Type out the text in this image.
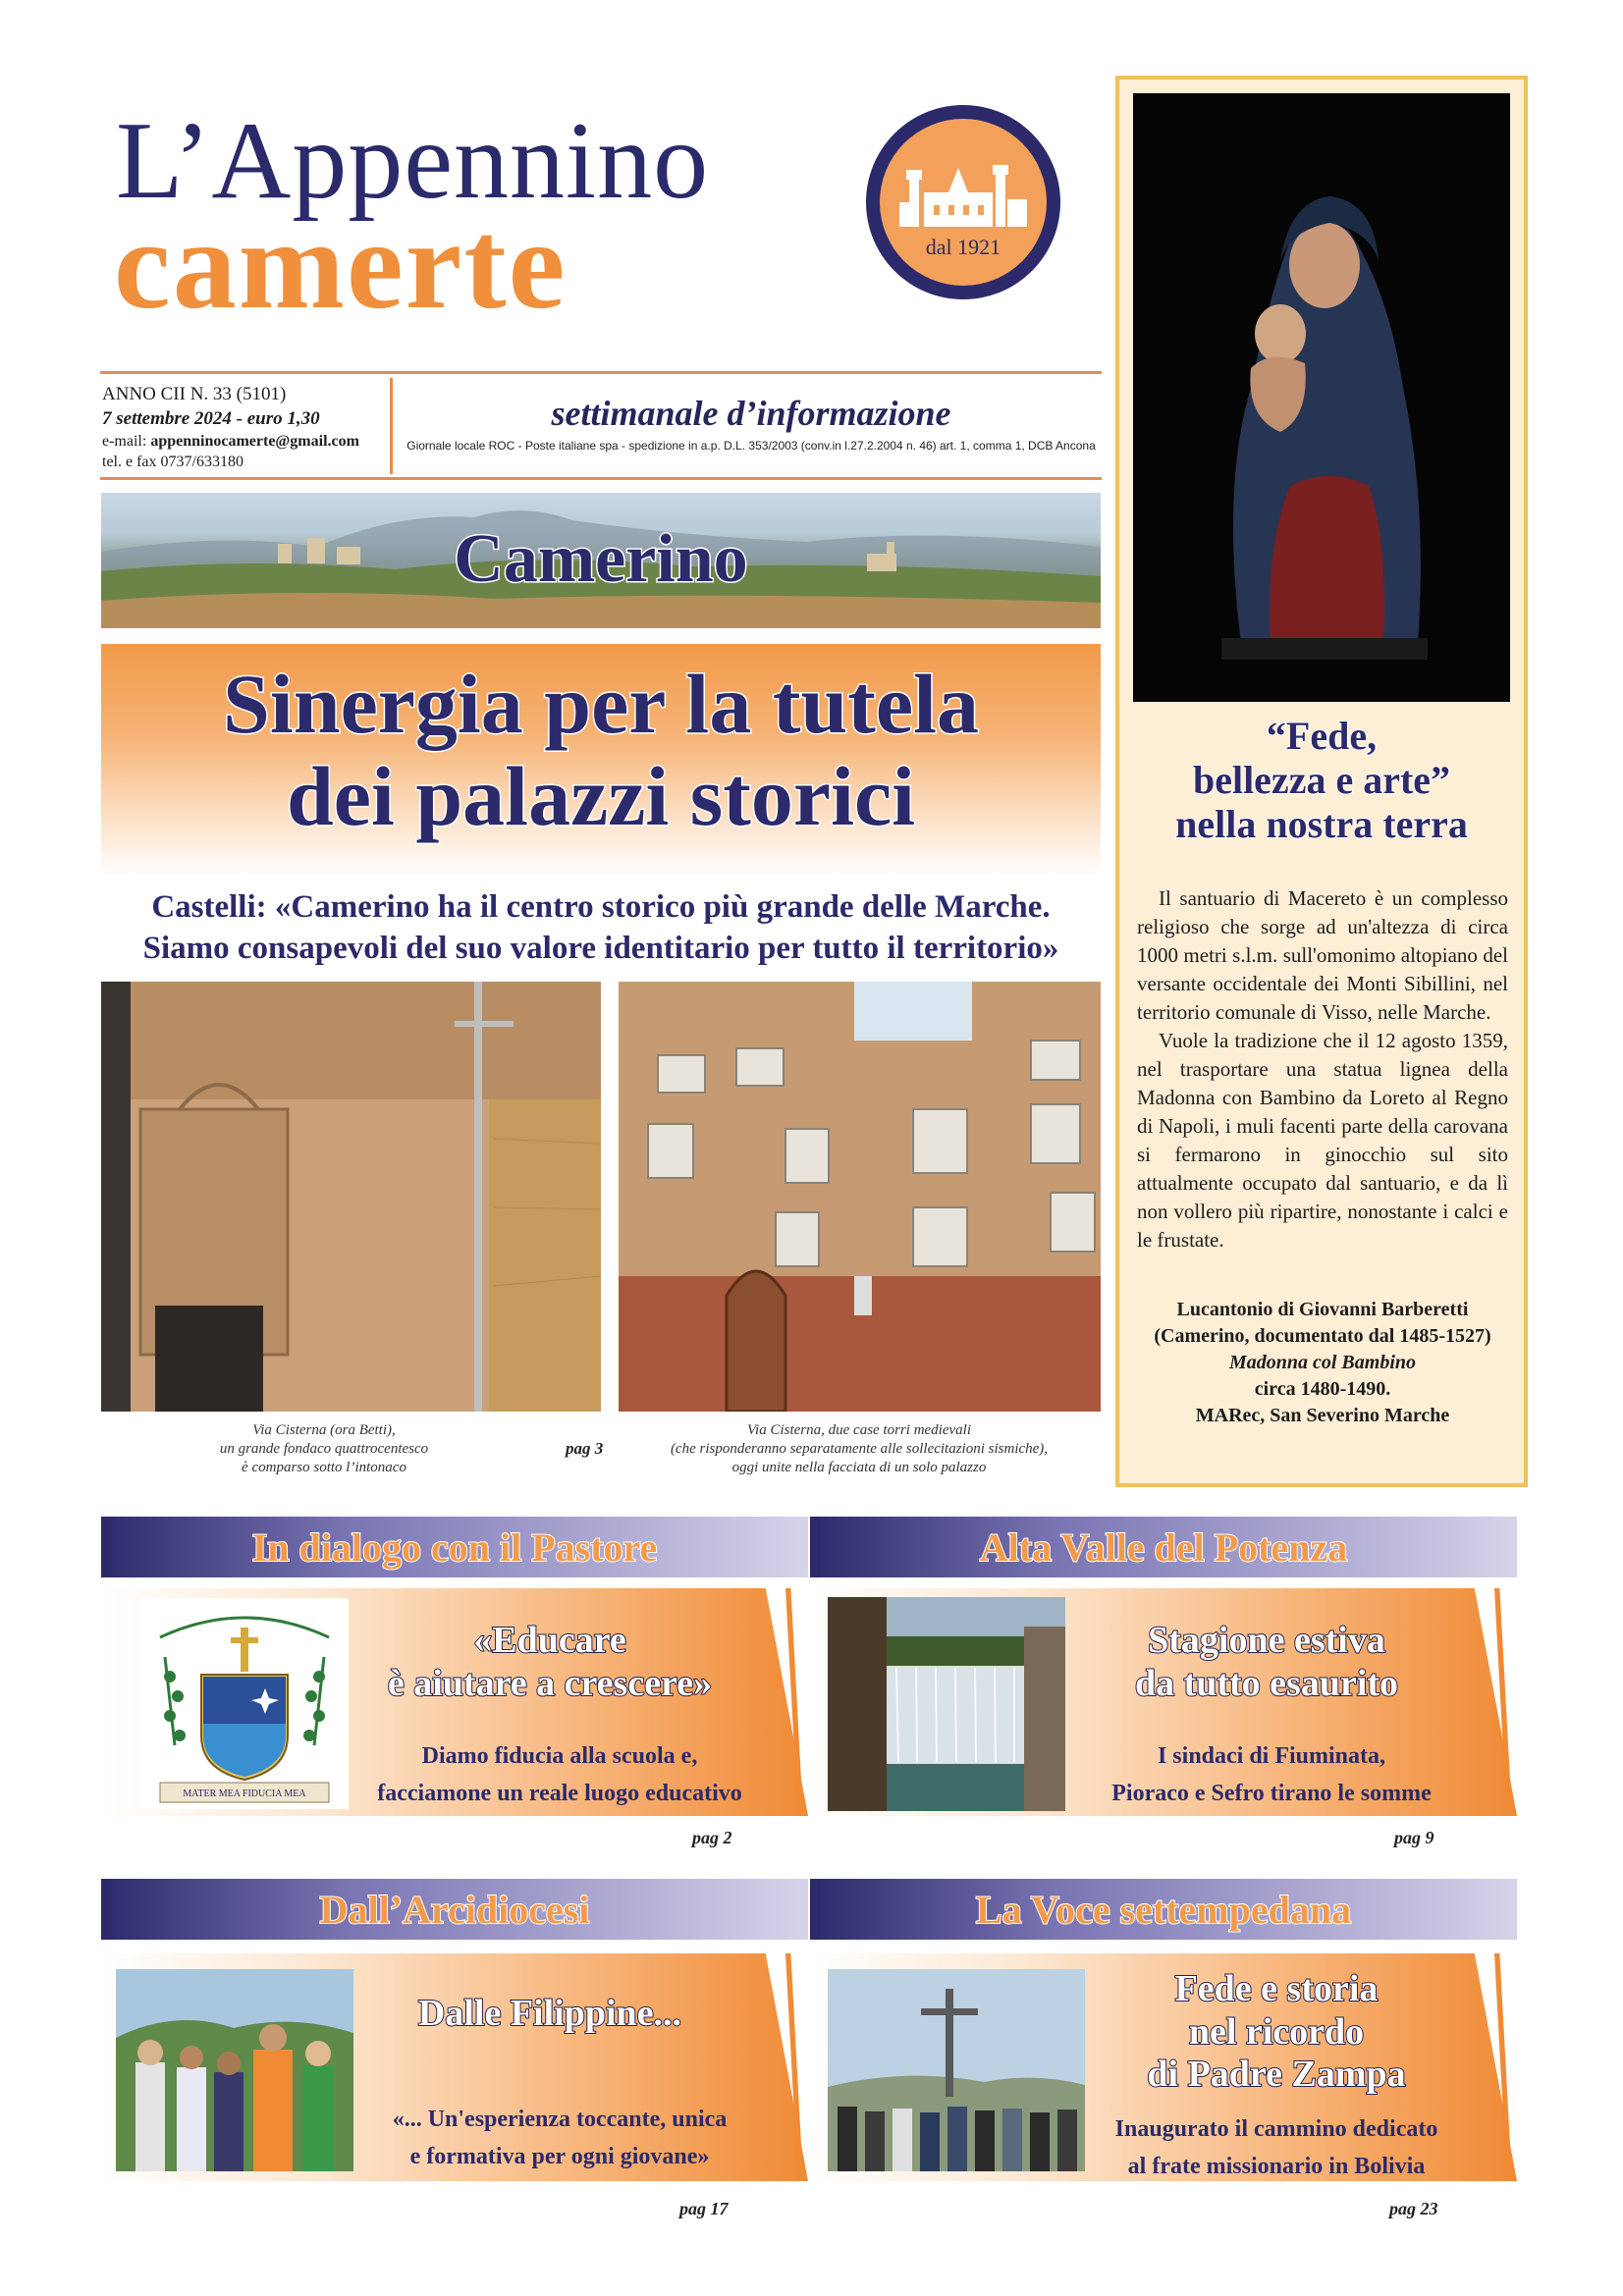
L’Appennino
camerte	dal 1921
ANNO CII N. 33 (5101)
7 settembre 2024 - euro 1,30
e-mail: appenninocamerte@gmail.com
tel. e fax 0737/633180
settimanale d’informazione
Giornale locale ROC - Poste italiane spa - spedizione in a.p. D.L. 353/2003 (conv.in l.27.2.2004 n. 46) art. 1, comma 1, DCB Ancona
Camerino
Sinergia per la tutela
dei palazzi storici
Castelli: «Camerino ha il centro storico più grande delle Marche.
Siamo consapevoli del suo valore identitario per tutto il territorio»
Via Cisterna (ora Betti),
un grande fondaco quattrocentesco
è comparso sotto l’intonaco
pag 3
Via Cisterna, due case torri medievali
(che risponderanno separatamente alle sollecitazioni sismiche),
oggi unite nella facciata di un solo palazzo
“Fede,
bellezza e arte”
nella nostra terra

Il santuario di Macereto è un complesso religioso che sorge ad un'altezza di circa 1000 metri s.l.m. sull'omonimo altopiano del versante occidentale dei Monti Sibillini, nel territorio comunale di Visso, nelle Marche.

Vuole la tradizione che il 12 agosto 1359, nel trasportare una statua lignea della Madonna con Bambino da Loreto al Regno di Napoli, i muli facenti parte della carovana si fermarono in ginocchio sul sito attualmente occupato dal santuario, e da lì non vollero più ripartire, nonostante i calci e le frustate.

Lucantonio di Giovanni Barberetti
(Camerino, documentato dal 1485-1527)
Madonna col Bambino
circa 1480-1490.
MARec, San Severino Marche
In dialogo con il Pastore
MATER MEA FIDUCIA MEA
«Educare
è aiutare a crescere»
Diamo fiducia alla scuola e,
facciamone un reale luogo educativo
pag 2
Alta Valle del Potenza
Stagione estiva
da tutto esaurito
I sindaci di Fiuminata,
Pioraco e Sefro tirano le somme
pag 9
Dall’Arcidiocesi
Dalle Filippine...
«... Un'esperienza toccante, unica
e formativa per ogni giovane»
pag 17
La Voce settempedana
Fede e storia
nel ricordo
di Padre Zampa
Inaugurato il cammino dedicato
al frate missionario in Bolivia
pag 23
